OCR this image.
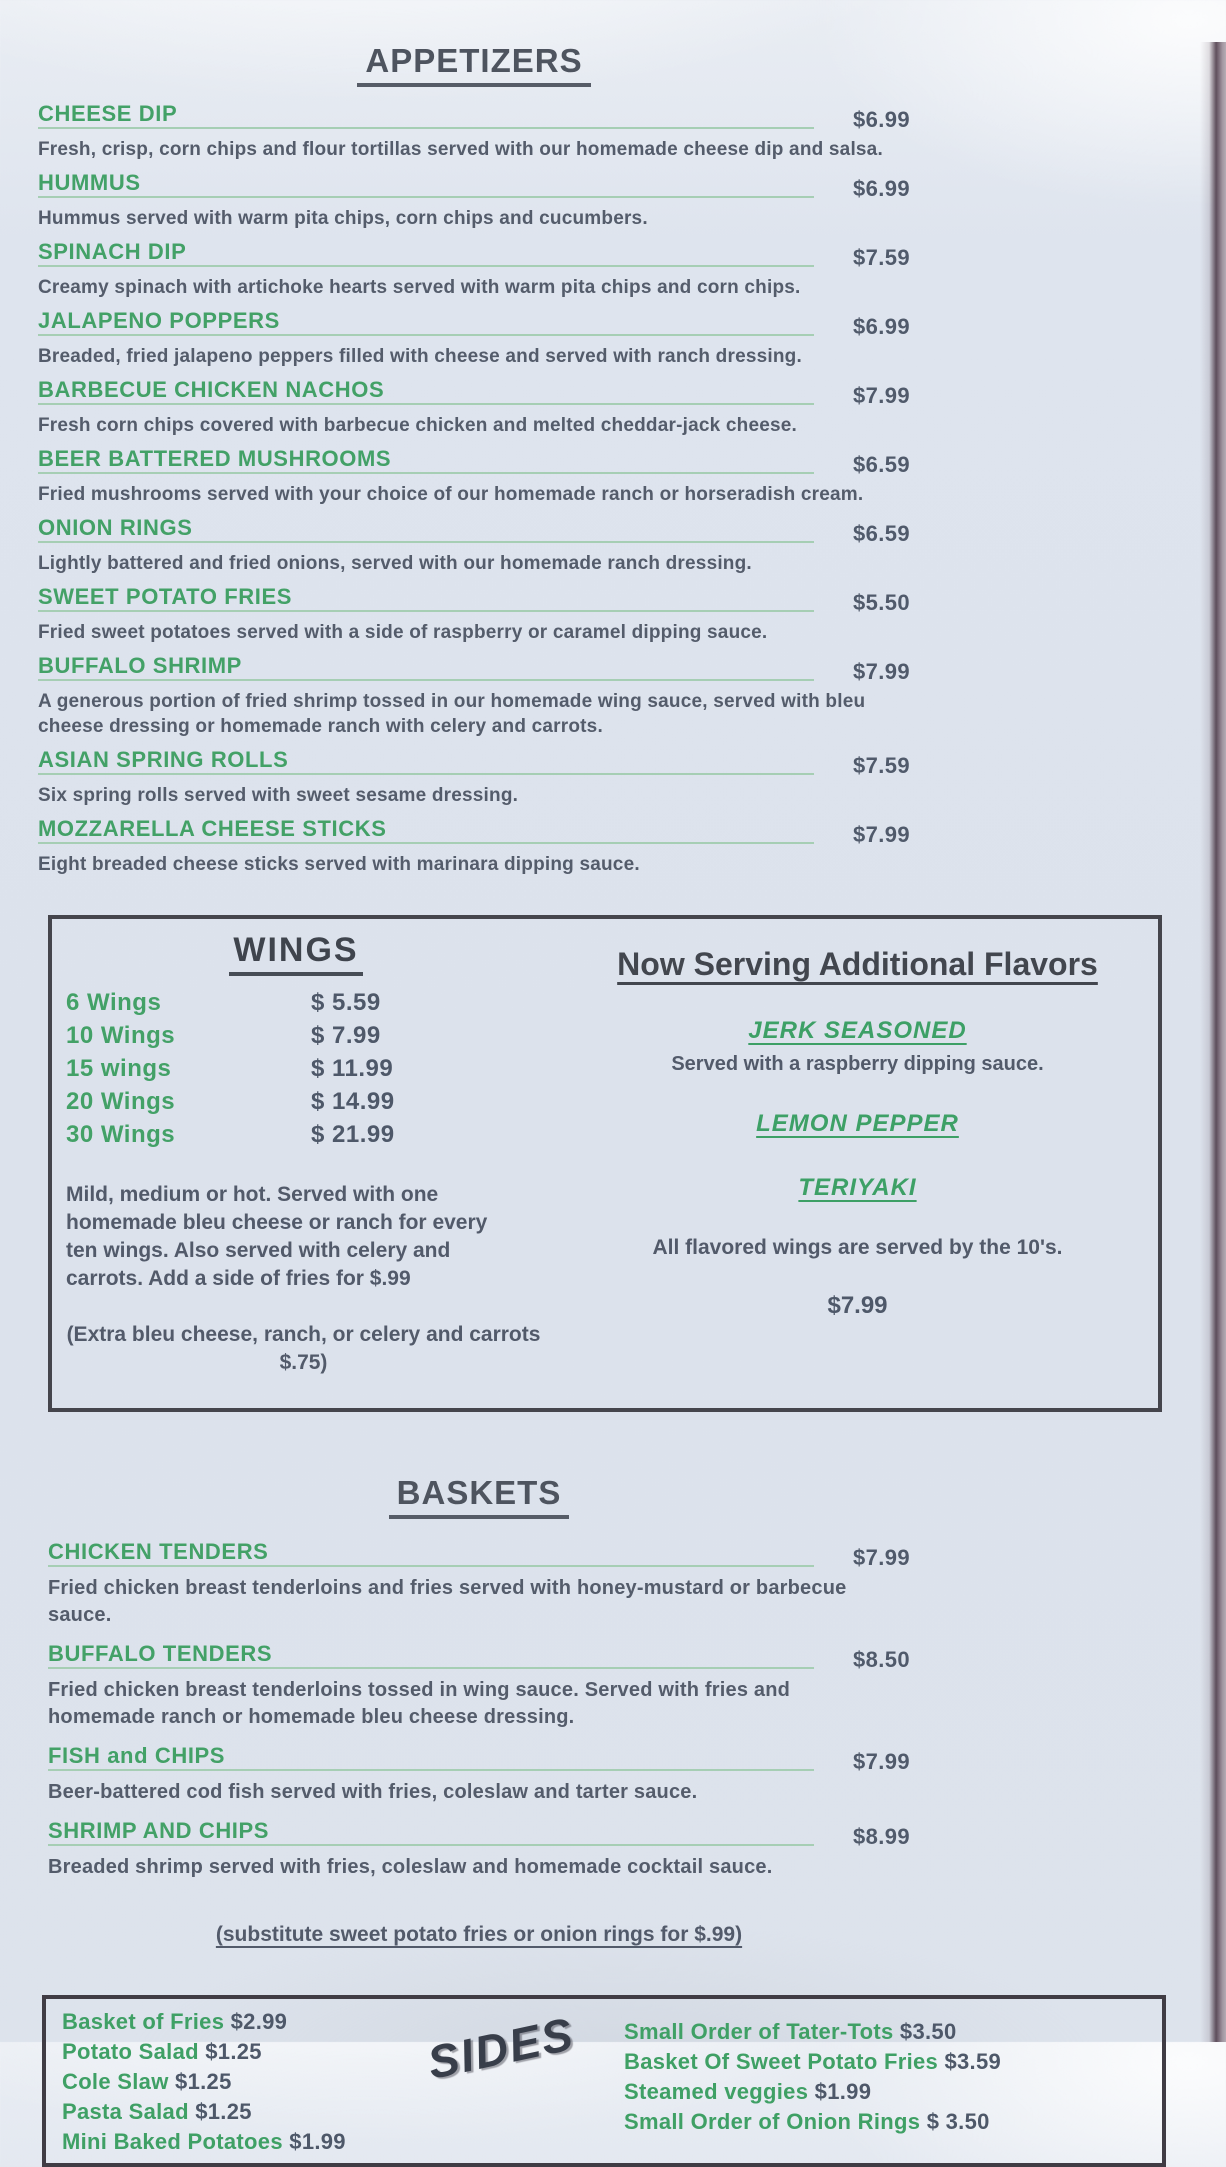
APPETIZERS
CHEESE DIP	$6.99
Fresh, crisp, corn chips and flour tortillas served with our homemade cheese dip and salsa.
HUMMUS	$6.99
Hummus served with warm pita chips, corn chips and cucumbers.
SPINACH DIP	$7.59
Creamy spinach with artichoke hearts served with warm pita chips and corn chips.
JALAPENO POPPERS	$6.99
Breaded, fried jalapeno peppers filled with cheese and served with ranch dressing.
BARBECUE CHICKEN NACHOS	$7.99
Fresh corn chips covered with barbecue chicken and melted cheddar-jack cheese.
BEER BATTERED MUSHROOMS	$6.59
Fried mushrooms served with your choice of our homemade ranch or horseradish cream.
ONION RINGS	$6.59
Lightly battered and fried onions, served with our homemade ranch dressing.
SWEET POTATO FRIES	$5.50
Fried sweet potatoes served with a side of raspberry or caramel dipping sauce.
BUFFALO SHRIMP	$7.99
A generous portion of fried shrimp tossed in our homemade wing sauce, served with bleu cheese dressing or homemade ranch with celery and carrots.
ASIAN SPRING ROLLS	$7.59
Six spring rolls served with sweet sesame dressing.
MOZZARELLA CHEESE STICKS	$7.99
Eight breaded cheese sticks served with marinara dipping sauce.
WINGS
6 Wings	$ 5.59
10 Wings	$ 7.99
15 wings	$ 11.99
20 Wings	$ 14.99
30 Wings	$ 21.99
Mild, medium or hot. Served with one homemade bleu cheese or ranch for every ten wings. Also served with celery and carrots. Add a side of fries for $.99
(Extra bleu cheese, ranch, or celery and carrots $.75)
Now Serving Additional Flavors
JERK SEASONED
Served with a raspberry dipping sauce.
LEMON PEPPER
TERIYAKI
All flavored wings are served by the 10's.
$7.99
BASKETS
CHICKEN TENDERS	$7.99
Fried chicken breast tenderloins and fries served with honey-mustard or barbecue sauce.
BUFFALO TENDERS	$8.50
Fried chicken breast tenderloins tossed in wing sauce. Served with fries and homemade ranch or homemade bleu cheese dressing.
FISH and CHIPS	$7.99
Beer-battered cod fish served with fries, coleslaw and tarter sauce.
SHRIMP AND CHIPS	$8.99
Breaded shrimp served with fries, coleslaw and homemade cocktail sauce.
(substitute sweet potato fries or onion rings for $.99)
Basket of Fries $2.99
Potato Salad $1.25
Cole Slaw $1.25
Pasta Salad $1.25
Mini Baked Potatoes $1.99
SIDES	Small Order of Tater-Tots $3.50
Basket Of Sweet Potato Fries $3.59
Steamed veggies $1.99
Small Order of Onion Rings $ 3.50
